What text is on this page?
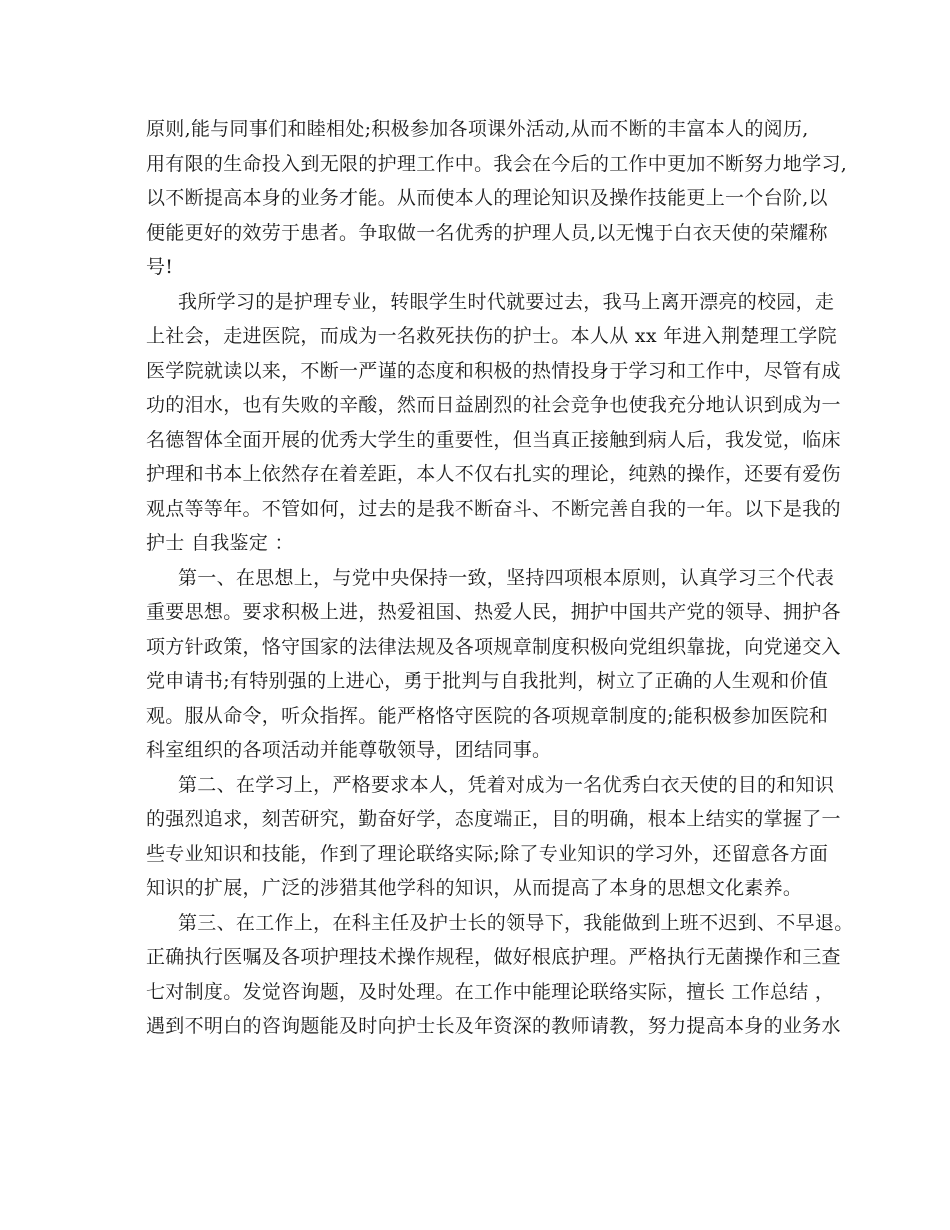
原则,能与同事们和睦相处;积极参加各项课外活动,从而不断的丰富本人的阅历,
用有限的生命投入到无限的护理工作中。我会在今后的工作中更加不断努力地学习,
以不断提高本身的业务才能。从而使本人的理论知识及操作技能更上一个台阶,以
便能更好的效劳于患者。争取做一名优秀的护理人员,以无愧于白衣天使的荣耀称
号!
我所学习的是护理专业，转眼学生时代就要过去，我马上离开漂亮的校园，走
上社会，走进医院，而成为一名救死扶伤的护士。本人从 xx 年进入荆楚理工学院
医学院就读以来，不断一严谨的态度和积极的热情投身于学习和工作中，尽管有成
功的泪水，也有失败的辛酸，然而日益剧烈的社会竞争也使我充分地认识到成为一
名德智体全面开展的优秀大学生的重要性，但当真正接触到病人后，我发觉，临床
护理和书本上依然存在着差距，本人不仅右扎实的理论，纯熟的操作，还要有爱伤
观点等等年。不管如何，过去的是我不断奋斗、不断完善自我的一年。以下是我的
护士 自我鉴定 ：
第一、在思想上，与党中央保持一致，坚持四项根本原则，认真学习三个代表
重要思想。要求积极上进，热爱祖国、热爱人民，拥护中国共产党的领导、拥护各
项方针政策，恪守国家的法律法规及各项规章制度积极向党组织靠拢，向党递交入
党申请书;有特别强的上进心，勇于批判与自我批判，树立了正确的人生观和价值
观。服从命令，听众指挥。能严格恪守医院的各项规章制度的;能积极参加医院和
科室组织的各项活动并能尊敬领导，团结同事。
第二、在学习上，严格要求本人，凭着对成为一名优秀白衣天使的目的和知识
的强烈追求，刻苦研究，勤奋好学，态度端正，目的明确，根本上结实的掌握了一
些专业知识和技能，作到了理论联络实际;除了专业知识的学习外，还留意各方面
知识的扩展，广泛的涉猎其他学科的知识，从而提高了本身的思想文化素养。
第三、在工作上，在科主任及护士长的领导下，我能做到上班不迟到、不早退。
正确执行医嘱及各项护理技术操作规程，做好根底护理。严格执行无菌操作和三查
七对制度。发觉咨询题，及时处理。在工作中能理论联络实际，擅长 工作总结 ，
遇到不明白的咨询题能及时向护士长及年资深的教师请教，努力提高本身的业务水
